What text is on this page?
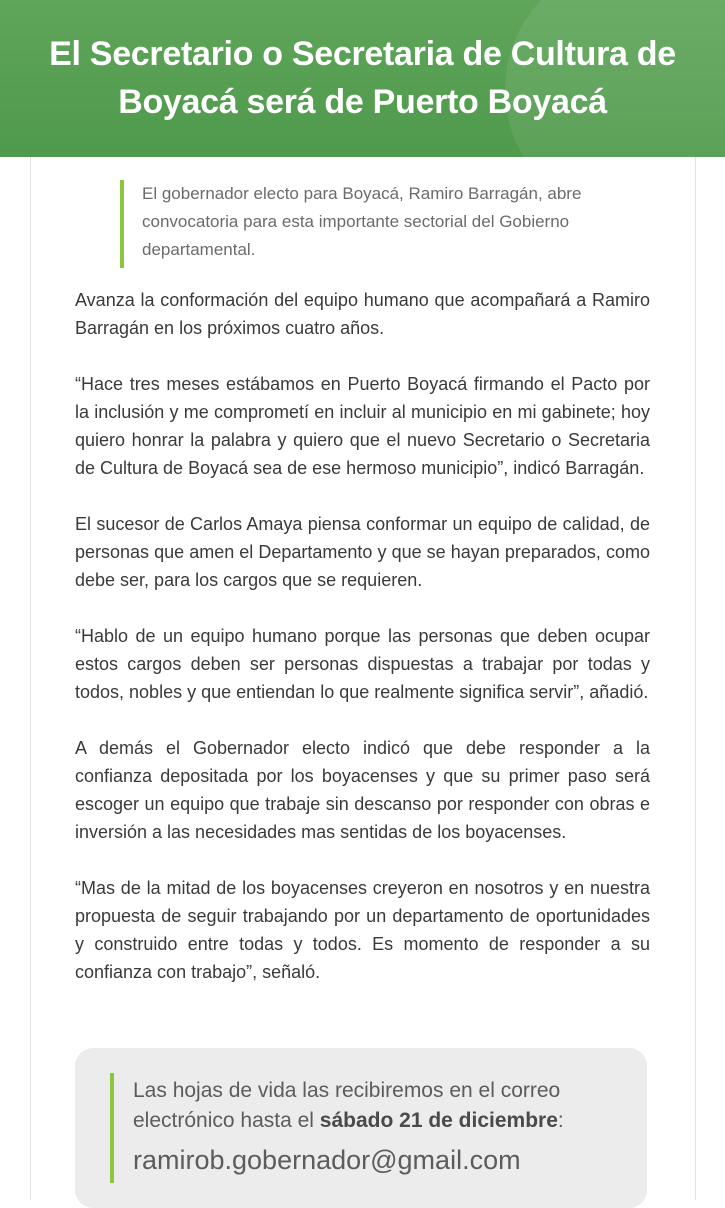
El Secretario o Secretaria de Cultura de Boyacá será de Puerto Boyacá

El gobernador electo para Boyacá, Ramiro Barragán, abre convocatoria para esta importante sectorial del Gobierno departamental.

Avanza la conformación del equipo humano que acompañará a Ramiro Barragán en los próximos cuatro años.

“Hace tres meses estábamos en Puerto Boyacá firmando el Pacto por la inclusión y me comprometí en incluir al municipio en mi gabinete; hoy quiero honrar la palabra y quiero que el nuevo Secretario o Secretaria de Cultura de Boyacá sea de ese hermoso municipio”, indicó Barragán.

El sucesor de Carlos Amaya piensa conformar un equipo de calidad, de personas que amen el Departamento y que se hayan preparados, como debe ser, para los cargos que se requieren.

“Hablo de un equipo humano porque las personas que deben ocupar estos cargos deben ser personas dispuestas a trabajar por todas y todos, nobles y que entiendan lo que realmente significa servir”, añadió.

A demás el Gobernador electo indicó que debe responder a la confianza depositada por los boyacenses y que su primer paso será escoger un equipo que trabaje sin descanso por responder con obras e inversión a las necesidades mas sentidas de los boyacenses.

“Mas de la mitad de los boyacenses creyeron en nosotros y en nuestra propuesta de seguir trabajando por un departamento de oportunidades y construido entre todas y todos. Es momento de responder a su confianza con trabajo”, señaló.

Las hojas de vida las recibiremos en el correo electrónico hasta el sábado 21 de diciembre:

ramirob.gobernador@gmail.com
